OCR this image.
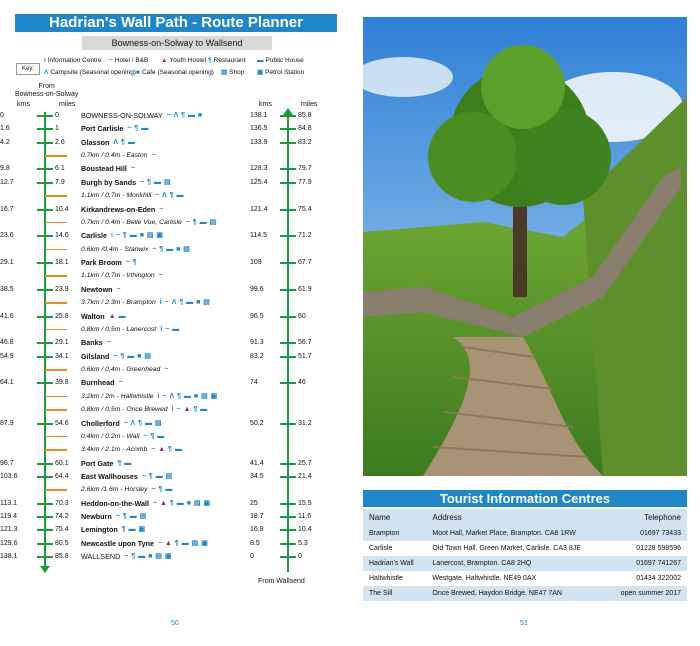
Hadrian's Wall Path - Route Planner
Bowness-on-Solway to Wallsend
Key:
i Information Centre ~ Hotel / B&B ▲ Youth Hostel ¶ Restaurant ▬ Public House
Λ Campsite (Seasonal opening) ■ Cafe (Seasonal opening) ▤ Shop ▣ Petrol Station
From
Bowness-on-Solway
kms	miles	kms	miles
0	0	BOWNESS-ON-SOLWAY	138.1	85.8
~ Λ ¶ ▬ ■
1.6	1	Port Carlisle	136.5	84.8
~ ¶ ▬
4.2	2.6 Glasson	133.9	83.2
Λ ¶ ▬
0.7km / 0.4m - Easton ~
9.8	6.1 Boustead Hill	128.3	79.7
~
12.7	7.9 Burgh by Sands	125.4	77.9
~ ¶ ▬ ▤
1.1km / 0.7m - Monkhill ~ Λ ¶ ▬
16.7	10.4 Kirkandrews-on-Eden	121.4	75.4
~
0.7km / 0.4m - Belle Vue, Carlisle ~ ¶ ▬ ▤
23.6	14.6 Carlisle	114.5	71.2
i ~ ¶ ▬ ■ ▤ ▣
0.6km /0.4m - Stanwix ~ ¶ ▬ ■ ▤
29.1	18.1 Park Broom	109	67.7
~ ¶
1.1km / 0.7m - Irthington ~
38.5	23.9 Newtown	99.6	61.9
~
3.7km / 2.3m - Brampton i ~ Λ ¶ ▬ ■ ▤
41.6	25.8 Walton	96.5	60
▲ ▬
0.8km / 0.5m - Lanercost i ~ ▬
46.8	29.1 Banks	91.3	56.7
~
54.9	34.1 Gilsland	83.2	51.7
~ ¶ ▬ ■ ▤
0.6km / 0.4m - Greenhead ~
64.1	39.8 Burnhead	74	46
~
3.2km / 2m - Haltwhistle i ~ Λ ¶ ▬ ■ ▤ ▣
0.8km / 0.5m - Once Brewed i ~ ▲ ¶ ▬
87.9	54.6 Chollerford	50.2	31.2
~ Λ ¶ ▬ ▤
0.4km / 0.2m - Wall ~ ¶ ▬
3.4km / 2.1m - Acomb ~ ▲ ¶ ▬
96.7	60.1 Port Gate	41.4	25.7
¶ ▬
103.6	64.4 East Wallhouses	34.5	21.4
~ ¶ ▬ ▤
2.6km /1.6m - Horsley ~ ¶ ▬
113.1	70.3 Heddon-on-the-Wall	25	15.5
~ ▲ ¶ ▬ ■ ▤ ▣
119.4	74.2 Newburn	18.7	11.6
~ ¶ ▬ ▤
121.3	75.4 Lemington	16.8	10.4
¶ ▬ ▣
129.6	80.5 Newcastle upon Tyne	8.5	5.3
~ ▲ ¶ ▬ ▤ ▣
138.1	85.8 WALLSEND	0	0
~ ¶ ▬ ■ ▤ ▣
From Wallsend
50
Tourist Information Centres
Name	Address	Telephone
Brampton	Moot Hall, Market Place, Brampton. CA8 1RW	01697 73433
Carlisle	Old Town Hall, Green Market, Carlisle. CA3 8JE	01228 598596
Hadrian's Wall	Lanercost, Brampton. CA8 2HQ	01697 741267
Haltwhistle	Westgate, Haltwhistle. NE49 0AX	01434 322002
The Sill	Once Brewed, Haydon Bridge. NE47 7AN	open summer 2017
51
